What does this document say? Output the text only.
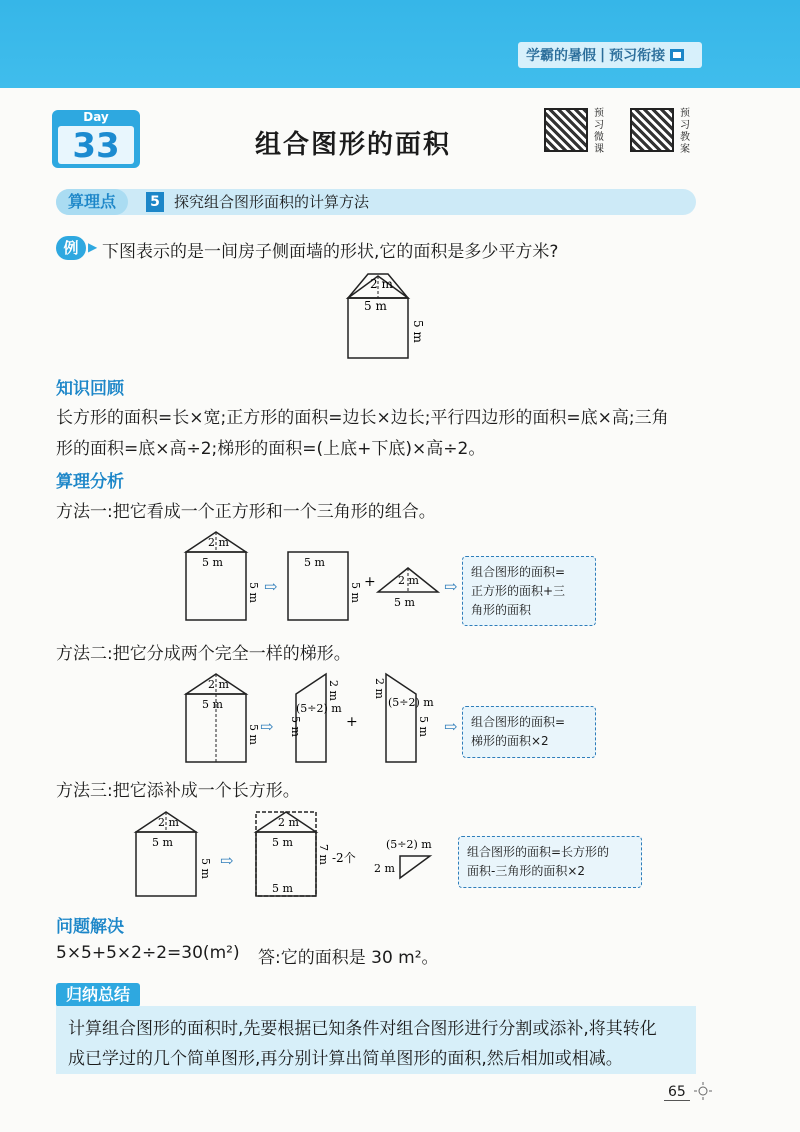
学霸的暑假 | 预习衔接
Day
33	组合图形的面积
预习微课
预习教案
算理点	5 探究组合图形面积的计算方法
例 ▶ 下图表示的是一间房子侧面墙的形状,它的面积是多少平方米?
2 m
5 m
5 m
知识回顾
长方形的面积=长×宽;正方形的面积=边长×边长;平行四边形的面积=底×高;三角
形的面积=底×高÷2;梯形的面积=(上底+下底)×高÷2。
算理分析
方法一:把它看成一个正方形和一个三角形的组合。
2 m
5 m
5 m ⇨
5 m
5 m + 2 m
5 m
⇨
组合图形的面积=
正方形的面积+三
角形的面积
方法二:把它分成两个完全一样的梯形。
2 m
5 m
5 m ⇨ 5 m
2 m
(5÷2) m
+
2 m
(5÷2) m
5 m ⇨ 组合图形的面积=
梯形的面积×2
方法三:把它添补成一个长方形。
2 m
5 m
5 m ⇨
2 m
5 m
5 m
7 m -2个
(5÷2) m
2 m
组合图形的面积=长方形的
面积-三角形的面积×2
问题解决
5×5+5×2÷2=30(m²) 答:它的面积是 30 m²。
归纳总结
计算组合图形的面积时,先要根据已知条件对组合图形进行分割或添补,将其转化
成已学过的几个简单图形,再分别计算出简单图形的面积,然后相加或相减。
65
